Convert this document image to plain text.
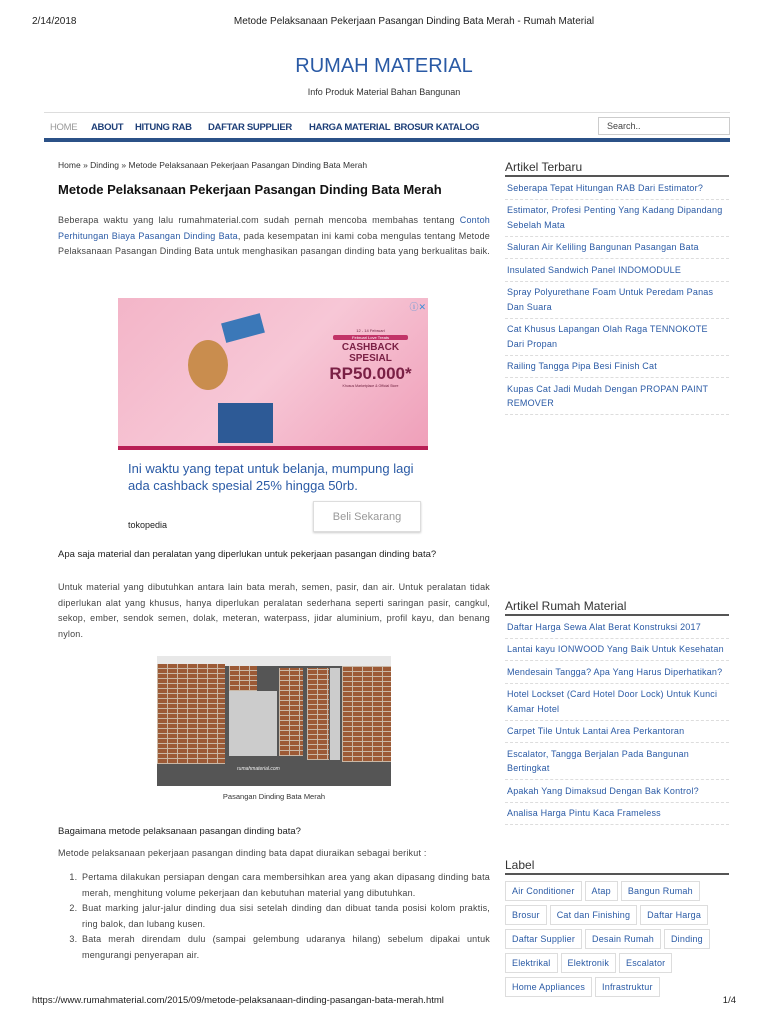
2/14/2018	Metode Pelaksanaan Pekerjaan Pasangan Dinding Bata Merah - Rumah Material
RUMAH MATERIAL
Info Produk Material Bahan Bangunan
HOME ABOUT HITUNG RAB DAFTAR SUPPLIER HARGA MATERIAL BROSUR KATALOG	Search..
Home » Dinding » Metode Pelaksanaan Pekerjaan Pasangan Dinding Bata Merah
Metode Pelaksanaan Pekerjaan Pasangan Dinding Bata Merah

Beberapa waktu yang lalu rumahmaterial.com sudah pernah mencoba membahas tentang Contoh Perhitungan Biaya Pasangan Dinding Bata, pada kesempatan ini kami coba mengulas tentang Metode Pelaksanaan Pasangan Dinding Bata untuk menghasikan pasangan dinding bata yang berkualitas baik.

Apa saja material dan peralatan yang diperlukan untuk pekerjaan pasangan dinding bata?

Untuk material yang dibutuhkan antara lain bata merah, semen, pasir, dan air. Untuk peralatan tidak diperlukan alat yang khusus, hanya diperlukan peralatan sederhana seperti saringan pasir, cangkul, sekop, ember, sendok semen, dolak, meteran, waterpass, jidar aluminium, profil kayu, dan benang nylon.

Bagaimana metode pelaksanaan pasangan dinding bata?

Metode pelaksanaan pekerjaan pasangan dinding bata dapat diuraikan sebagai berikut :

1. Pertama dilakukan persiapan dengan cara membersihkan area yang akan dipasang dinding bata merah, menghitung volume pekerjaan dan kebutuhan material yang dibutuhkan.
2. Buat marking jalur-jalur dinding dua sisi setelah dinding dan dibuat tanda posisi kolom praktis, ring balok, dan lubang kusen.
3. Bata merah direndam dulu (sampai gelembung udaranya hilang) sebelum dipakai untuk mengurangi penyerapan air.
12 - 14 Februari
Februari Love Treats
CASHBACK SPESIAL
RP50.000*
Khusus Marketplace & Official Store
ⓘ✕
Ini waktu yang tepat untuk belanja, mumpung lagi ada cashback spesial 25% hingga 50rb.
tokopedia
Beli Sekarang
rumahmaterial.com
Pasangan Dinding Bata Merah
Artikel Terbaru
Seberapa Tepat Hitungan RAB Dari Estimator?
Estimator, Profesi Penting Yang Kadang Dipandang Sebelah Mata
Saluran Air Keliling Bangunan Pasangan Bata
Insulated Sandwich Panel INDOMODULE
Spray Polyurethane Foam Untuk Peredam Panas Dan Suara
Cat Khusus Lapangan Olah Raga TENNOKOTE Dari Propan
Railing Tangga Pipa Besi Finish Cat
Kupas Cat Jadi Mudah Dengan PROPAN PAINT REMOVER
Artikel Rumah Material
Daftar Harga Sewa Alat Berat Konstruksi 2017
Lantai kayu IONWOOD Yang Baik Untuk Kesehatan
Mendesain Tangga? Apa Yang Harus Diperhatikan?
Hotel Lockset (Card Hotel Door Lock) Untuk Kunci Kamar Hotel
Carpet Tile Untuk Lantai Area Perkantoran
Escalator, Tangga Berjalan Pada Bangunan Bertingkat
Apakah Yang Dimaksud Dengan Bak Kontrol?
Analisa Harga Pintu Kaca Frameless
Label
Air Conditioner	Atap	Bangun Rumah
Brosur	Cat dan Finishing	Daftar Harga
Daftar Supplier	Desain Rumah	Dinding
Elektrikal	Elektronik	Escalator
Home Appliances	Infrastruktur
https://www.rumahmaterial.com/2015/09/metode-pelaksanaan-dinding-pasangan-bata-merah.html	1/4
